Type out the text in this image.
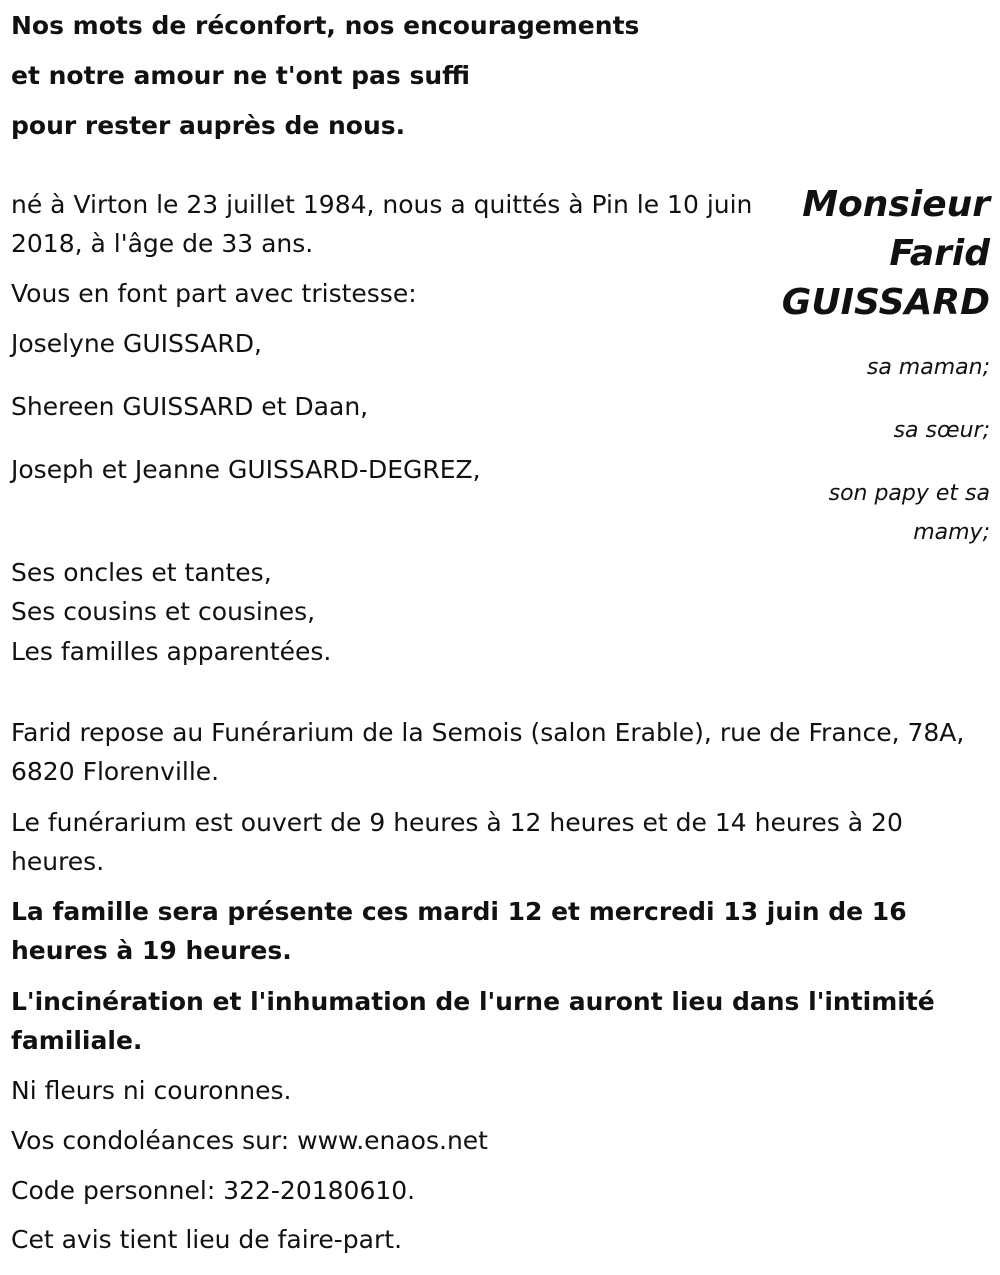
Nos mots de réconfort, nos encouragements

et notre amour ne t'ont pas suffi

pour rester auprès de nous.

Monsieur
Farid
GUISSARD

né à Virton le 23 juillet 1984, nous a quittés à Pin le 10 juin 2018, à l'âge de 33 ans.

Vous en font part avec tristesse:

Joselyne GUISSARD,

sa maman;

Shereen GUISSARD et Daan,

sa sœur;

Joseph et Jeanne GUISSARD-DEGREZ,

son papy et sa
mamy;

Ses oncles et tantes,

Ses cousins et cousines,

Les familles apparentées.

Farid repose au Funérarium de la Semois (salon Erable), rue de France, 78A, 6820 Florenville.

Le funérarium est ouvert de 9 heures à 12 heures et de 14 heures à 20 heures.

La famille sera présente ces mardi 12 et mercredi 13 juin de 16 heures à 19 heures.

L'incinération et l'inhumation de l'urne auront lieu dans l'intimité familiale.

Ni fleurs ni couronnes.

Vos condoléances sur: www.enaos.net

Code personnel: 322-20180610.

Cet avis tient lieu de faire-part.
